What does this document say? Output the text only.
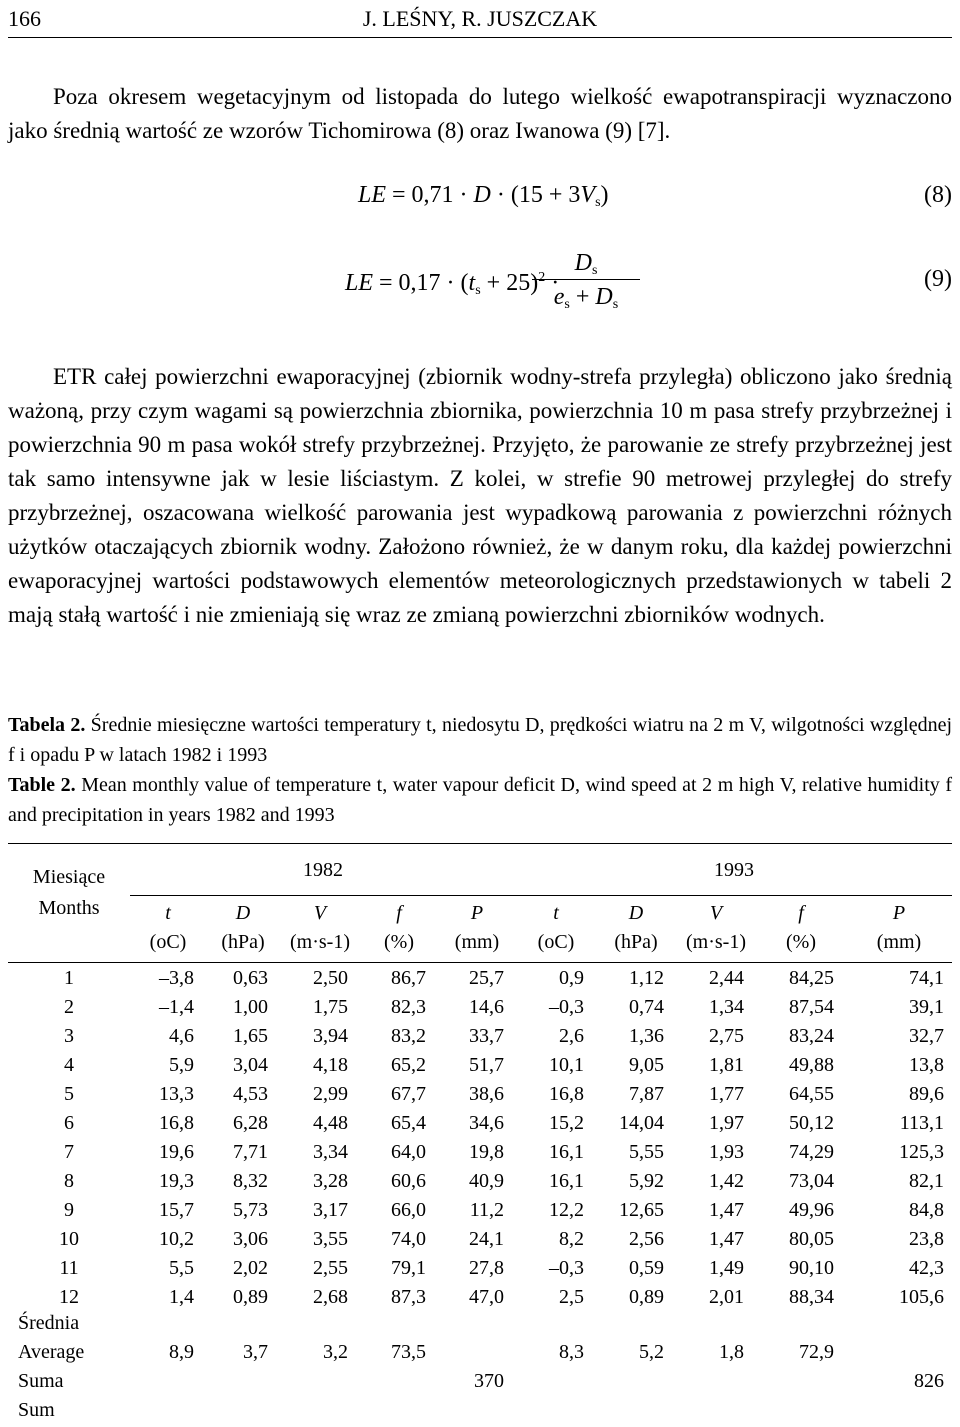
166	J. LEŚNY, R. JUSZCZAK
Poza okresem wegetacyjnym od listopada do lutego wielkość ewapotranspiracji wyznaczono jako średnią wartość ze wzorów Tichomirowa (8) oraz Iwanowa (9) [7].
LE = $0,71 \cdot D \cdot (15 + 3V_s)$	(8)
LE = $0,17 \cdot (t_s + 25)^2$ ·
$\frac{D_s}{e_s + D_s}$	(9)
ETR całej powierzchni ewaporacyjnej (zbiornik wodny-strefa przyległa) obliczono jako średnią ważoną, przy czym wagami są powierzchnia zbiornika, powierzchnia 10 m pasa strefy przybrzeżnej i powierzchnia 90 m pasa wokół strefy przybrzeżnej. Przyjęto, że parowanie ze strefy przybrzeżnej jest tak samo intensywne jak w lesie liściastym. Z kolei, w strefie 90 metrowej przyległej do strefy przybrzeżnej, oszacowana wielkość parowania jest wypadkową parowania z powierzchni różnych użytków otaczających zbiornik wodny. Założono również, że w danym roku, dla każdej powierzchni ewaporacyjnej wartości podstawowych elementów meteorologicznych przedstawionych w tabeli 2 mają stałą wartość i nie zmieniają się wraz ze zmianą powierzchni zbiorników wodnych.
Tabela 2. Średnie miesięczne wartości temperatury t, niedosytu D, prędkości wiatru na 2 m V, wilgotności względnej f i opadu P w latach 1982 i 1993
Table 2. Mean monthly value of temperature t, water vapour deficit D, wind speed at 2 m high V, relative humidity f and precipitation in years 1982 and 1993
Miesiące	1982					1993				
Months	t	D	V	f	P	t	D	V	f	P
	(oC)	(hPa)	(m·s-1)	(%)	(mm)	(oC)	(hPa)	(m·s-1)	(%)	(mm)
1	–3,8	0,63	2,50	86,7	25,7	0,9	1,12	2,44	84,25	74,1
2	–1,4	1,00	1,75	82,3	14,6	–0,3	0,74	1,34	87,54	39,1
3	4,6	1,65	3,94	83,2	33,7	2,6	1,36	2,75	83,24	32,7
4	5,9	3,04	4,18	65,2	51,7	10,1	9,05	1,81	49,88	13,8
5	13,3	4,53	2,99	67,7	38,6	16,8	7,87	1,77	64,55	89,6
6	16,8	6,28	4,48	65,4	34,6	15,2	14,04	1,97	50,12	113,1
7	19,6	7,71	3,34	64,0	19,8	16,1	5,55	1,93	74,29	125,3
8	19,3	8,32	3,28	60,6	40,9	16,1	5,92	1,42	73,04	82,1
9	15,7	5,73	3,17	66,0	11,2	12,2	12,65	1,47	49,96	84,8
10	10,2	3,06	3,55	74,0	24,1	8,2	2,56	1,47	80,05	23,8
11	5,5	2,02	2,55	79,1	27,8	–0,3	0,59	1,49	90,10	42,3
12	1,4	0,89	2,68	87,3	47,0	2,5	0,89	2,01	88,34	105,6
Średnia										
Average	8,9	3,7	3,2	73,5		8,3	5,2	1,8	72,9	
Suma					370					826
Sum										
